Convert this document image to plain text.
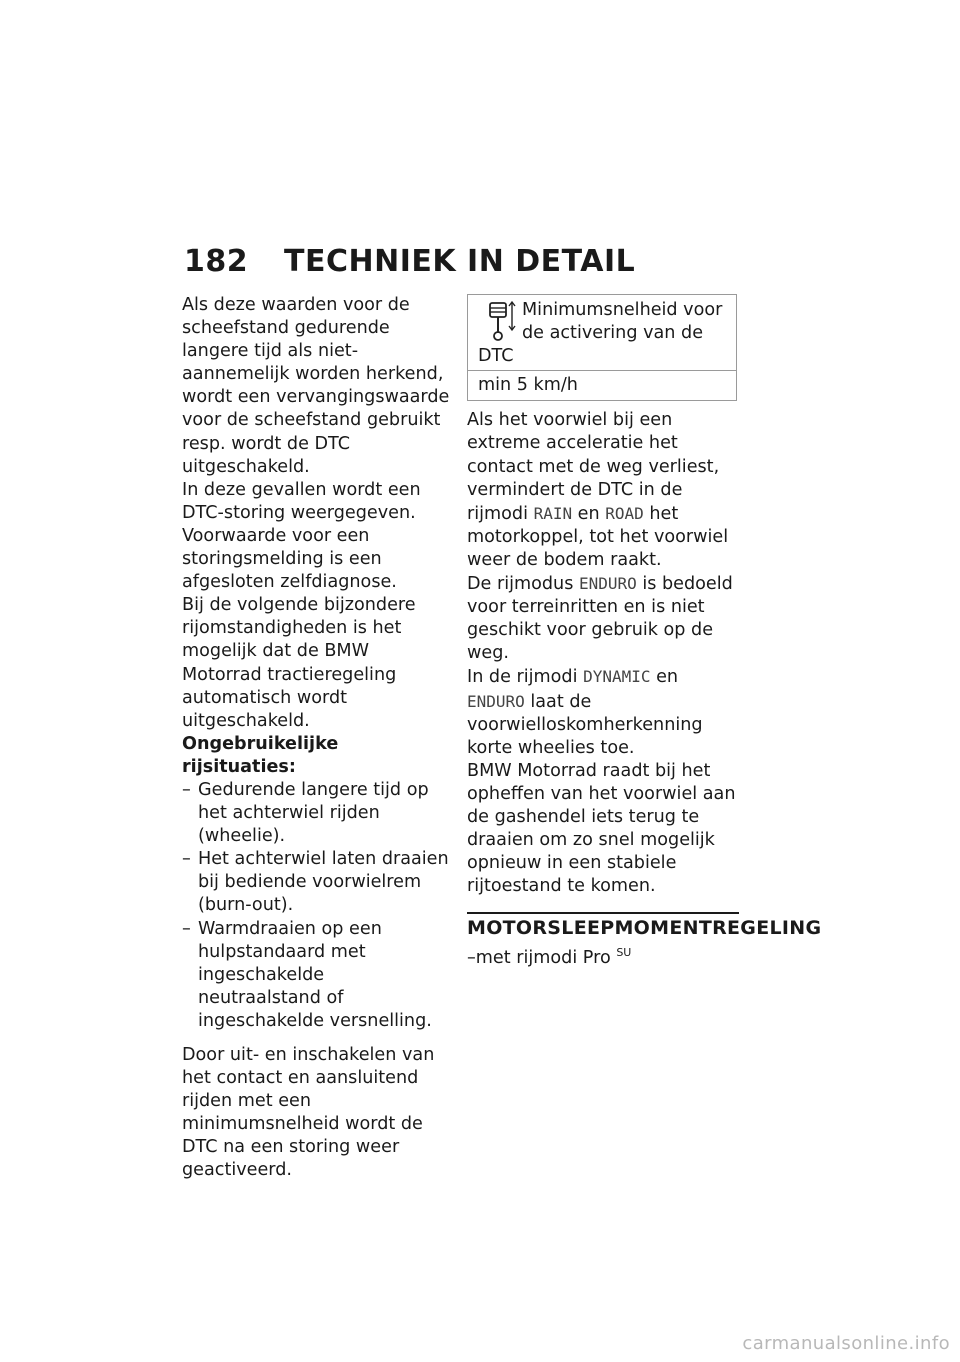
182 TECHNIEK IN DETAIL

Als deze waarden voor de scheefstand gedurende langere tijd als niet-aannemelijk worden herkend, wordt een vervangingswaarde voor de scheefstand gebruikt resp. wordt de DTC uitgeschakeld.

In deze gevallen wordt een DTC-storing weergegeven. Voorwaarde voor een storingsmelding is een afgesloten zelfdiagnose.

Bij de volgende bijzondere rijomstandigheden is het mogelijk dat de BMW Motorrad tractieregeling automatisch wordt uitgeschakeld.

Ongebruikelijke rijsituaties:

– Gedurende langere tijd op het achterwiel rijden (wheelie).
– Het achterwiel laten draaien bij bediende voorwielrem (burn-out).
– Warmdraaien op een hulpstandaard met ingeschakelde neutraalstand of ingeschakelde versnelling.

Door uit- en inschakelen van het contact en aansluitend rijden met een minimumsnelheid wordt de DTC na een storing weer geactiveerd.

Minimumsnelheid voor de activering van de DTC
min 5 km/h

Als het voorwiel bij een extreme acceleratie het contact met de weg verliest, vermindert de DTC in de rijmodi RAIN en ROAD het motorkoppel, tot het voorwiel weer de bodem raakt.

De rijmodus ENDURO is bedoeld voor terreinritten en is niet geschikt voor gebruik op de weg.

In de rijmodi DYNAMIC en ENDURO laat de voorwielloskomherkenning korte wheelies toe.

BMW Motorrad raadt bij het opheffen van het voorwiel aan de gashendel iets terug te draaien om zo snel mogelijk opnieuw in een stabiele rijtoestand te komen.

MOTORSLEEPMOMENTREGELING

–met rijmodi Pro $^{SU}$

carmanualsonline.info
